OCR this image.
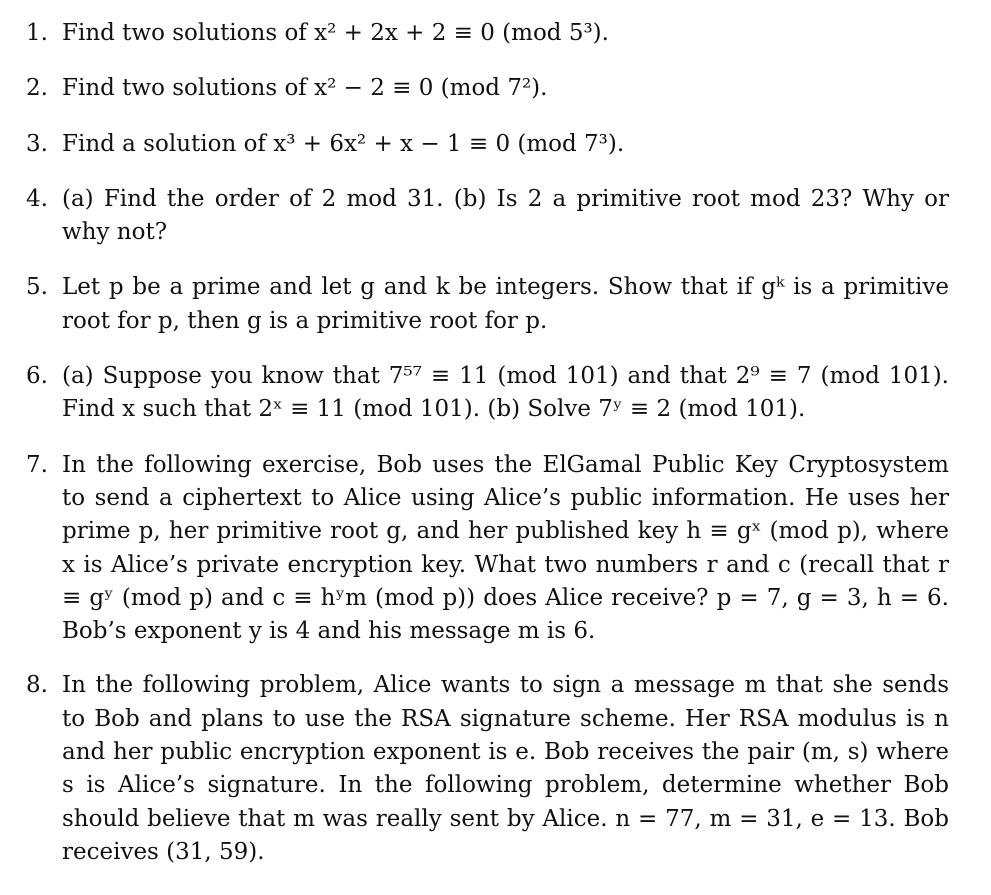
1. Find two solutions of x² + 2x + 2 ≡ 0 (mod 5³).

2. Find two solutions of x² − 2 ≡ 0 (mod 7²).

3. Find a solution of x³ + 6x² + x − 1 ≡ 0 (mod 7³).

4. (a) Find the order of 2 mod 31. (b) Is 2 a primitive root mod 23? Why or why not?

5. Let p be a prime and let g and k be integers. Show that if gᵏ is a primitive root for p, then g is a primitive root for p.

6. (a) Suppose you know that 7⁵⁷ ≡ 11 (mod 101) and that 2⁹ ≡ 7 (mod 101). Find x such that 2ˣ ≡ 11 (mod 101). (b) Solve 7ʸ ≡ 2 (mod 101).

7. In the following exercise, Bob uses the ElGamal Public Key Cryptosystem to send a ciphertext to Alice using Alice’s public information. He uses her prime p, her primitive root g, and her published key h ≡ gˣ (mod p), where x is Alice’s private encryption key. What two numbers r and c (recall that r ≡ gʸ (mod p) and c ≡ hʸm (mod p)) does Alice receive? p = 7, g = 3, h = 6. Bob’s exponent y is 4 and his message m is 6.

8. In the following problem, Alice wants to sign a message m that she sends to Bob and plans to use the RSA signature scheme. Her RSA modulus is n and her public encryption exponent is e. Bob receives the pair (m, s) where s is Alice’s signature. In the following problem, determine whether Bob should believe that m was really sent by Alice. n = 77, m = 31, e = 13. Bob receives (31, 59).
